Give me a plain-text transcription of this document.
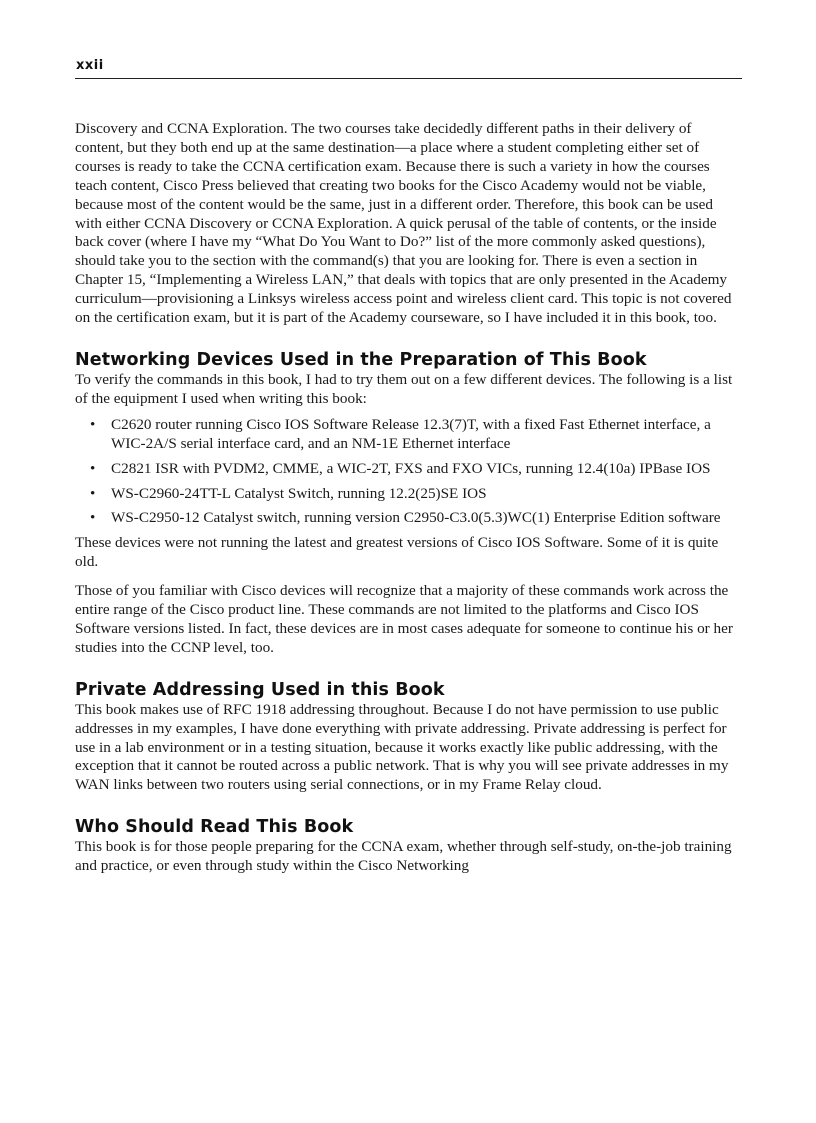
xxii

Discovery and CCNA Exploration. The two courses take decidedly different paths in their delivery of content, but they both end up at the same destination—a place where a student completing either set of courses is ready to take the CCNA certification exam. Because there is such a variety in how the courses teach content, Cisco Press believed that creating two books for the Cisco Academy would not be viable, because most of the content would be the same, just in a different order. Therefore, this book can be used with either CCNA Discovery or CCNA Exploration. A quick perusal of the table of contents, or the inside back cover (where I have my “What Do You Want to Do?” list of the more commonly asked questions), should take you to the section with the command(s) that you are looking for. There is even a section in Chapter 15, “Implementing a Wireless LAN,” that deals with topics that are only presented in the Academy curriculum—provisioning a Linksys wireless access point and wireless client card. This topic is not covered on the certification exam, but it is part of the Academy courseware, so I have included it in this book, too.

Networking Devices Used in the Preparation of This Book

To verify the commands in this book, I had to try them out on a few different devices. The following is a list of the equipment I used when writing this book:

• C2620 router running Cisco IOS Software Release 12.3(7)T, with a fixed Fast Ethernet interface, a WIC-2A/S serial interface card, and an NM-1E Ethernet interface
• C2821 ISR with PVDM2, CMME, a WIC-2T, FXS and FXO VICs, running 12.4(10a) IPBase IOS
• WS-C2960-24TT-L Catalyst Switch, running 12.2(25)SE IOS
• WS-C2950-12 Catalyst switch, running version C2950-C3.0(5.3)WC(1) Enterprise Edition software

These devices were not running the latest and greatest versions of Cisco IOS Software. Some of it is quite old.

Those of you familiar with Cisco devices will recognize that a majority of these commands work across the entire range of the Cisco product line. These commands are not limited to the platforms and Cisco IOS Software versions listed. In fact, these devices are in most cases adequate for someone to continue his or her studies into the CCNP level, too.

Private Addressing Used in this Book

This book makes use of RFC 1918 addressing throughout. Because I do not have permission to use public addresses in my examples, I have done everything with private addressing. Private addressing is perfect for use in a lab environment or in a testing situation, because it works exactly like public addressing, with the exception that it cannot be routed across a public network. That is why you will see private addresses in my WAN links between two routers using serial connections, or in my Frame Relay cloud.

Who Should Read This Book

This book is for those people preparing for the CCNA exam, whether through self-study, on-the-job training and practice, or even through study within the Cisco Networking
